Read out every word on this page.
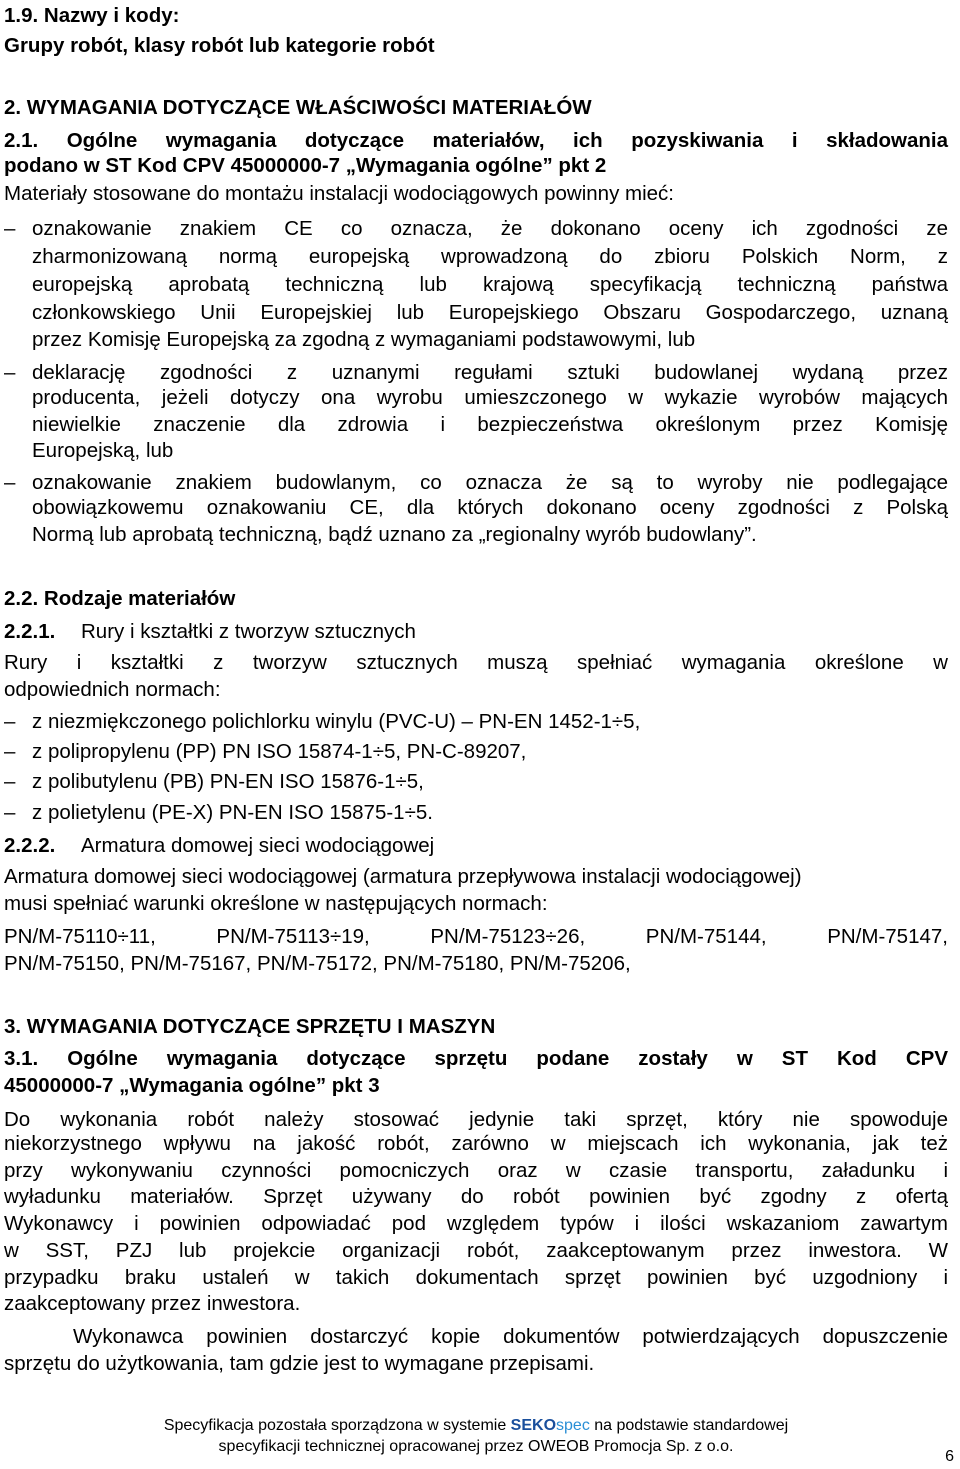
1.9. Nazwy i kody:
Grupy robót, klasy robót lub kategorie robót
2. WYMAGANIA DOTYCZĄCE WŁAŚCIWOŚCI MATERIAŁÓW
2.1. Ogólne wymagania dotyczące materiałów, ich pozyskiwania i składowania
podano w ST Kod CPV 45000000-7 „Wymagania ogólne” pkt 2
Materiały stosowane do montażu instalacji wodociągowych powinny mieć:
– oznakowanie znakiem CE co oznacza, że dokonano oceny ich zgodności ze
zharmonizowaną normą europejską wprowadzoną do zbioru Polskich Norm, z
europejską aprobatą techniczną lub krajową specyfikacją techniczną państwa
członkowskiego Unii Europejskiej lub Europejskiego Obszaru Gospodarczego, uznaną
przez Komisję Europejską za zgodną z wymaganiami podstawowymi, lub
– deklarację zgodności z uznanymi regułami sztuki budowlanej wydaną przez
producenta, jeżeli dotyczy ona wyrobu umieszczonego w wykazie wyrobów mających
niewielkie znaczenie dla zdrowia i bezpieczeństwa określonym przez Komisję
Europejską, lub
– oznakowanie znakiem budowlanym, co oznacza że są to wyroby nie podlegające
obowiązkowemu oznakowaniu CE, dla których dokonano oceny zgodności z Polską
Normą lub aprobatą techniczną, bądź uznano za „regionalny wyrób budowlany”.
2.2. Rodzaje materiałów
2.2.1. Rury i kształtki z tworzyw sztucznych
Rury i kształtki z tworzyw sztucznych muszą spełniać wymagania określone w
odpowiednich normach:
– z niezmiękczonego polichlorku winylu (PVC-U) – PN-EN 1452-1÷5,
– z polipropylenu (PP) PN ISO 15874-1÷5, PN-C-89207,
– z polibutylenu (PB) PN-EN ISO 15876-1÷5,
– z polietylenu (PE-X) PN-EN ISO 15875-1÷5.
2.2.2. Armatura domowej sieci wodociągowej
Armatura domowej sieci wodociągowej (armatura przepływowa instalacji wodociągowej)
musi spełniać warunki określone w następujących normach:
PN/M-75110÷11, PN/M-75113÷19, PN/M-75123÷26, PN/M-75144, PN/M-75147,
PN/M-75150, PN/M-75167, PN/M-75172, PN/M-75180, PN/M-75206,
3. WYMAGANIA DOTYCZĄCE SPRZĘTU I MASZYN
3.1. Ogólne wymagania dotyczące sprzętu podane zostały w ST Kod CPV
45000000-7 „Wymagania ogólne” pkt 3
Do wykonania robót należy stosować jedynie taki sprzęt, który nie spowoduje
niekorzystnego wpływu na jakość robót, zarówno w miejscach ich wykonania, jak też
przy wykonywaniu czynności pomocniczych oraz w czasie transportu, załadunku i
wyładunku materiałów. Sprzęt używany do robót powinien być zgodny z ofertą
Wykonawcy i powinien odpowiadać pod względem typów i ilości wskazaniom zawartym
w SST, PZJ lub projekcie organizacji robót, zaakceptowanym przez inwestora. W
przypadku braku ustaleń w takich dokumentach sprzęt powinien być uzgodniony i
zaakceptowany przez inwestora.
Wykonawca powinien dostarczyć kopie dokumentów potwierdzających dopuszczenie
sprzętu do użytkowania, tam gdzie jest to wymagane przepisami.
Specyfikacja pozostała sporządzona w systemie SEKOspec na podstawie standardowej
specyfikacji technicznej opracowanej przez OWEOB Promocja Sp. z o.o.
6
